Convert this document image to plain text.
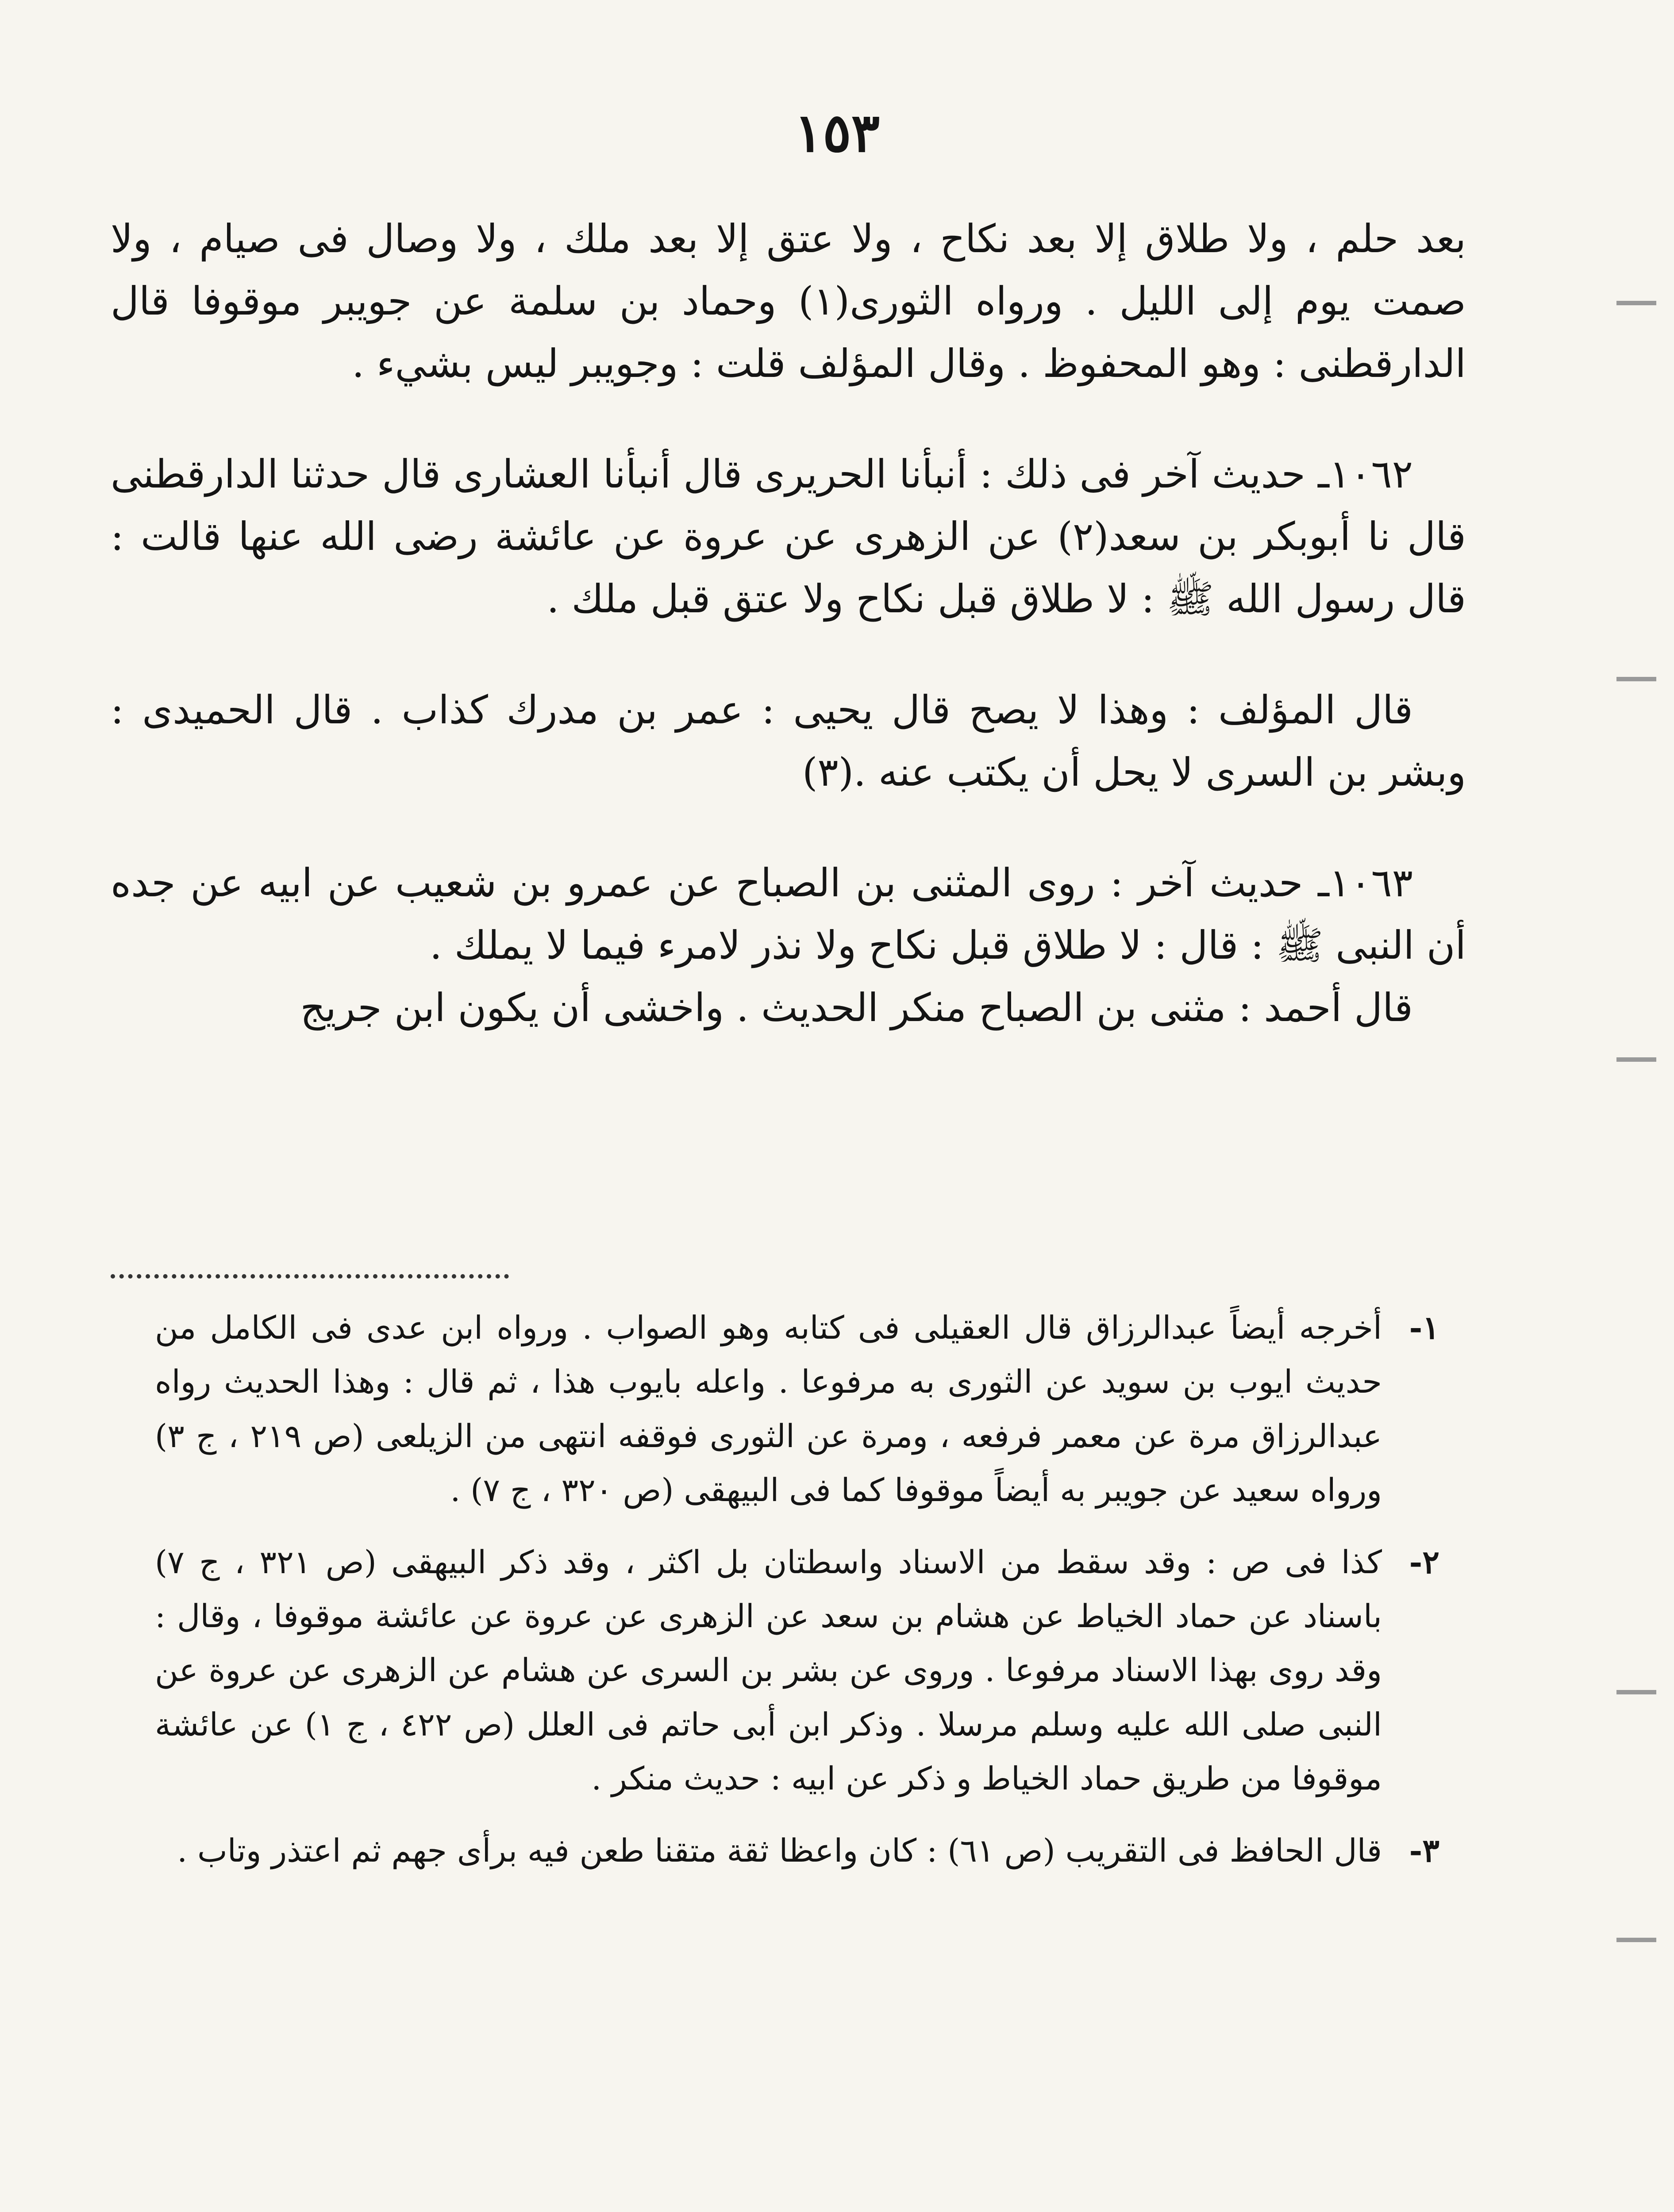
١٥٣

بعد حلم ، ولا طلاق إلا بعد نكاح ، ولا عتق إلا بعد ملك ، ولا وصال فى صيام ، ولا صمت يوم إلى الليل . ورواه الثورى(١) وحماد بن سلمة عن جويبر موقوفا قال الدارقطنى : وهو المحفوظ . وقال المؤلف قلت : وجويبر ليس بشيء .

١٠٦٢ـ حديث آخر فى ذلك : أنبأنا الحريرى قال أنبأنا العشارى قال حدثنا الدارقطنى قال نا أبوبكر بن سعد(٢) عن الزهرى عن عروة عن عائشة رضى الله عنها قالت : قال رسول الله ﷺ : لا طلاق قبل نكاح ولا عتق قبل ملك .

قال المؤلف : وهذا لا يصح قال يحيى : عمر بن مدرك كذاب . قال الحميدى : وبشر بن السرى لا يحل أن يكتب عنه .(٣)

١٠٦٣ـ حديث آخر : روى المثنى بن الصباح عن عمرو بن شعيب عن ابيه عن جده أن النبى ﷺ : قال : لا طلاق قبل نكاح ولا نذر لامرء فيما لا يملك .

قال أحمد : مثنى بن الصباح منكر الحديث . واخشى أن يكون ابن جريج

١-
أخرجه أيضاً عبدالرزاق قال العقيلى فى كتابه وهو الصواب . ورواه ابن عدى فى الكامل من حديث ايوب بن سويد عن الثورى به مرفوعا . واعله بايوب هذا ، ثم قال : وهذا الحديث رواه عبدالرزاق مرة عن معمر فرفعه ، ومرة عن الثورى فوقفه انتهى من الزيلعى (ص ٢١٩ ، ج ٣) ورواه سعيد عن جويبر به أيضاً موقوفا كما فى البيهقى (ص ٣٢٠ ، ج ٧) .
٢-
كذا فى ص : وقد سقط من الاسناد واسطتان بل اكثر ، وقد ذكر البيهقى (ص ٣٢١ ، ج ٧) باسناد عن حماد الخياط عن هشام بن سعد عن الزهرى عن عروة عن عائشة موقوفا ، وقال : وقد روى بهذا الاسناد مرفوعا . وروى عن بشر بن السرى عن هشام عن الزهرى عن عروة عن النبى صلى الله عليه وسلم مرسلا . وذكر ابن أبى حاتم فى العلل (ص ٤٢٢ ، ج ١) عن عائشة موقوفا من طريق حماد الخياط و ذكر عن ابيه : حديث منكر .
٣-
قال الحافظ فى التقريب (ص ٦١) : كان واعظا ثقة متقنا طعن فيه برأى جهم ثم اعتذر وتاب .
